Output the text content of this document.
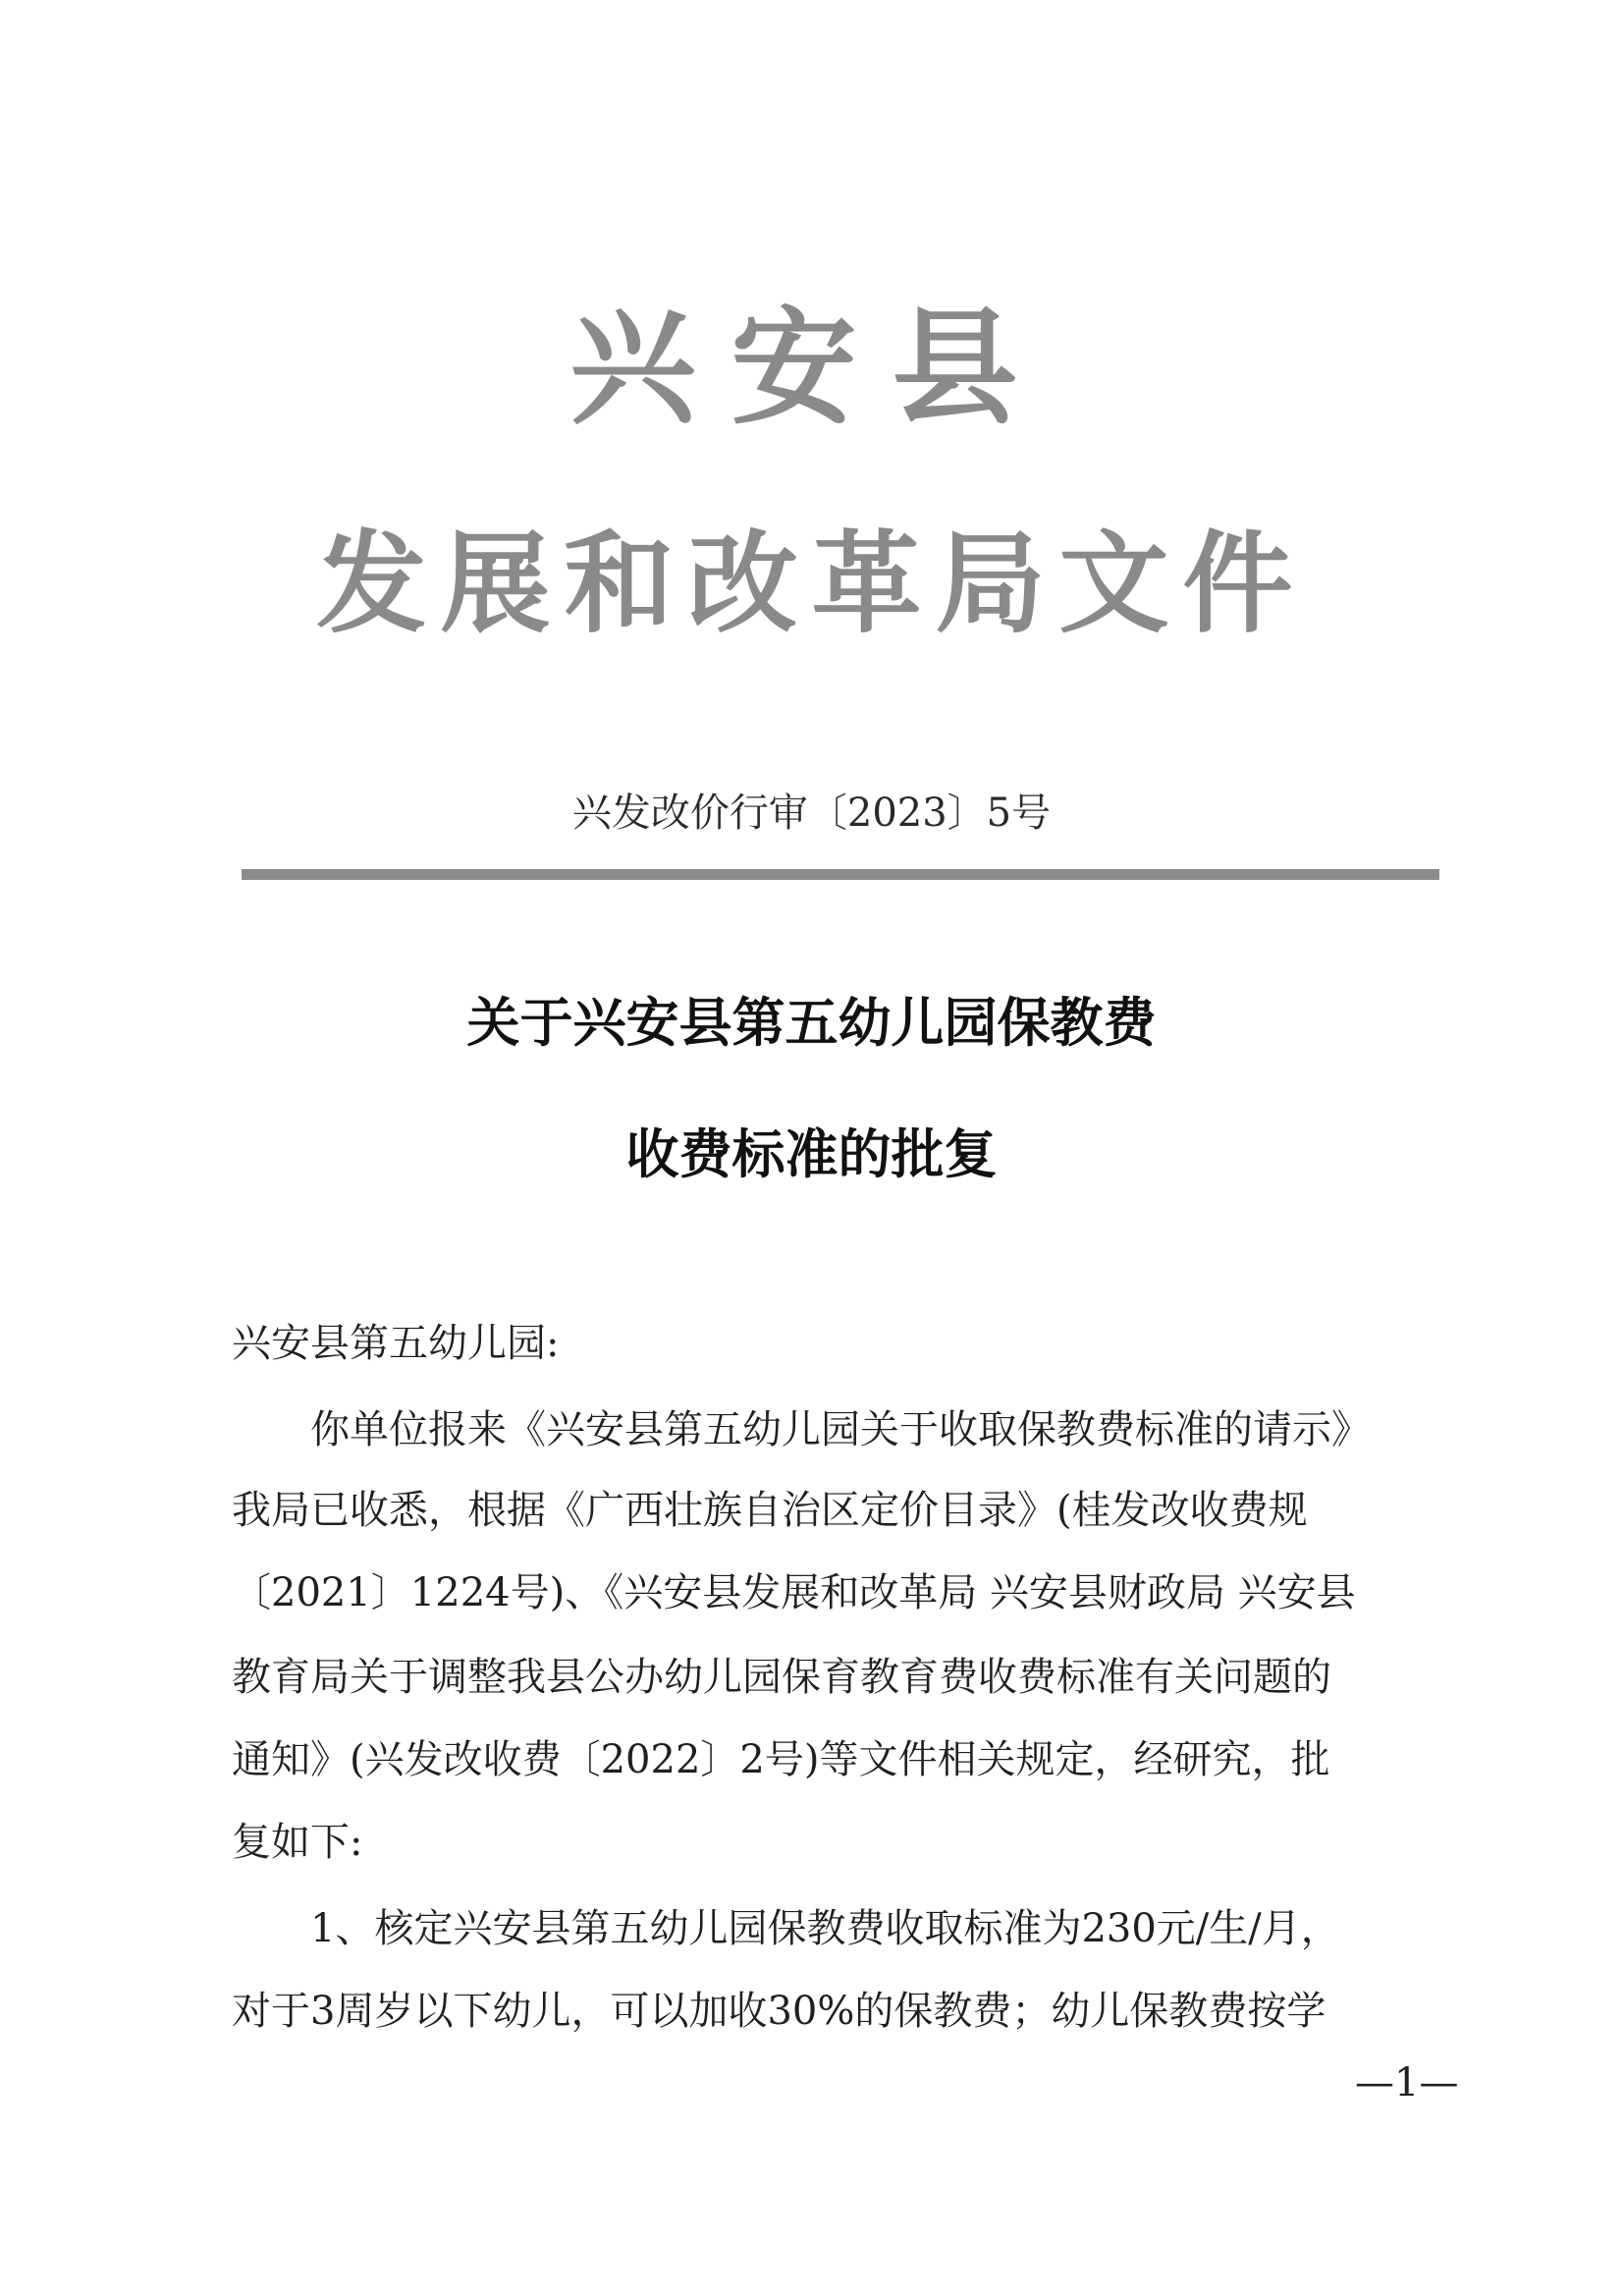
兴安县
发展和改革局文件
兴发改价行审〔2023〕5号
关于兴安县第五幼儿园保教费
收费标准的批复
兴安县第五幼儿园:
你单位报来《兴安县第五幼儿园关于收取保教费标准的请示》
我局已收悉，根据《广西壮族自治区定价目录》(桂发改收费规
〔2021〕1224号)、《兴安县发展和改革局 兴安县财政局 兴安县
教育局关于调整我县公办幼儿园保育教育费收费标准有关问题的
通知》(兴发改收费〔2022〕2号)等文件相关规定，经研究，批
复如下:
1、核定兴安县第五幼儿园保教费收取标准为230元/生/月，
对于3周岁以下幼儿，可以加收30%的保教费；幼儿保教费按学
—1—
